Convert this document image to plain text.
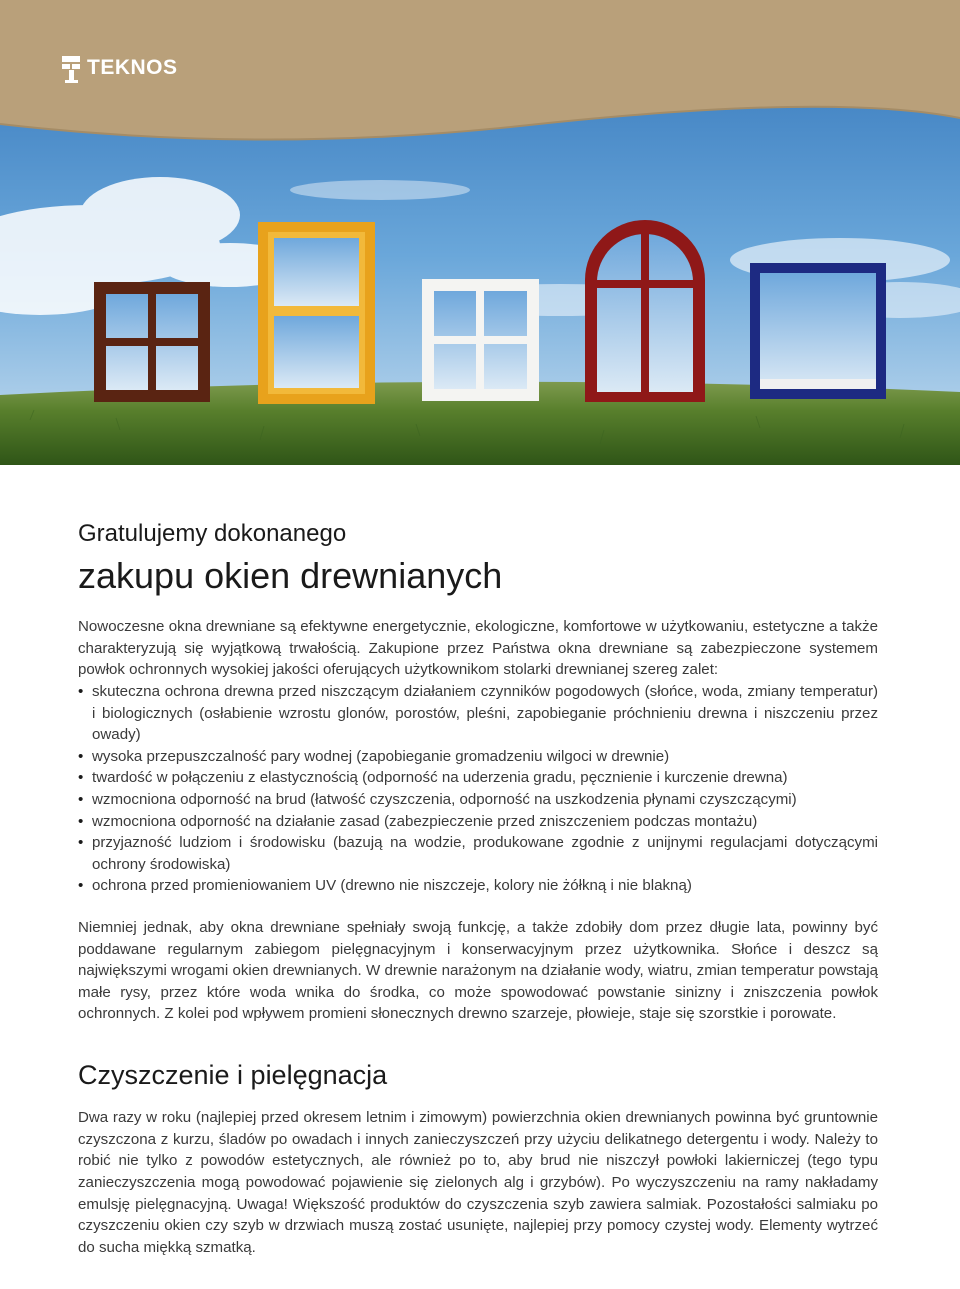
TEKNOS
Gratulujemy dokonanego
zakupu okien drewnianych

Nowoczesne okna drewniane są efektywne energetycznie, ekologiczne, komfortowe w użytkowaniu, estetyczne a także charakteryzują się wyjątkową trwałością. Zakupione przez Państwa okna drewniane są zabezpieczone systemem powłok ochronnych wysokiej jakości oferujących użytkownikom stolarki drewnianej szereg zalet:

• skuteczna ochrona drewna przed niszczącym działaniem czynników pogodowych (słońce, woda, zmiany temperatur) i biologicznych (osłabienie wzrostu glonów, porostów, pleśni, zapobieganie próchnieniu drewna i niszczeniu przez owady)
• wysoka przepuszczalność pary wodnej (zapobieganie gromadzeniu wilgoci w drewnie)
• twardość w połączeniu z elastycznością (odporność na uderzenia gradu, pęcznienie i kurczenie drewna)
• wzmocniona odporność na brud (łatwość czyszczenia, odporność na uszkodzenia płynami czyszczącymi)
• wzmocniona odporność na działanie zasad (zabezpieczenie przed zniszczeniem podczas montażu)
• przyjazność ludziom i środowisku (bazują na wodzie, produkowane zgodnie z unijnymi regulacjami dotyczącymi ochrony środowiska)
• ochrona przed promieniowaniem UV (drewno nie niszczeje, kolory nie żółkną i nie blakną)

Niemniej jednak, aby okna drewniane spełniały swoją funkcję, a także zdobiły dom przez długie lata, powinny być poddawane regularnym zabiegom pielęgnacyjnym i konserwacyjnym przez użytkownika. Słońce i deszcz są największymi wrogami okien drewnianych. W drewnie narażonym na działanie wody, wiatru, zmian temperatur powstają małe rysy, przez które woda wnika do środka, co może spowodować powstanie sinizny i zniszczenia powłok ochronnych. Z kolei pod wpływem promieni słonecznych drewno szarzeje, płowieje, staje się szorstkie i porowate.

Czyszczenie i pielęgnacja

Dwa razy w roku (najlepiej przed okresem letnim i zimowym) powierzchnia okien drewnianych powinna być gruntownie czyszczona z kurzu, śladów po owadach i innych zanieczyszczeń przy użyciu delikatnego detergentu i wody. Należy to robić nie tylko z powodów estetycznych, ale również po to, aby brud nie niszczył powłoki lakierniczej (tego typu zanieczyszczenia mogą powodować pojawienie się zielonych alg i grzybów). Po wyczyszczeniu na ramy nakładamy emulsję pielęgnacyjną. Uwaga! Większość produktów do czyszczenia szyb zawiera salmiak. Pozostałości salmiaku po czyszczeniu okien czy szyb w drzwiach muszą zostać usunięte, najlepiej przy pomocy czystej wody. Elementy wytrzeć do sucha miękką szmatką.
